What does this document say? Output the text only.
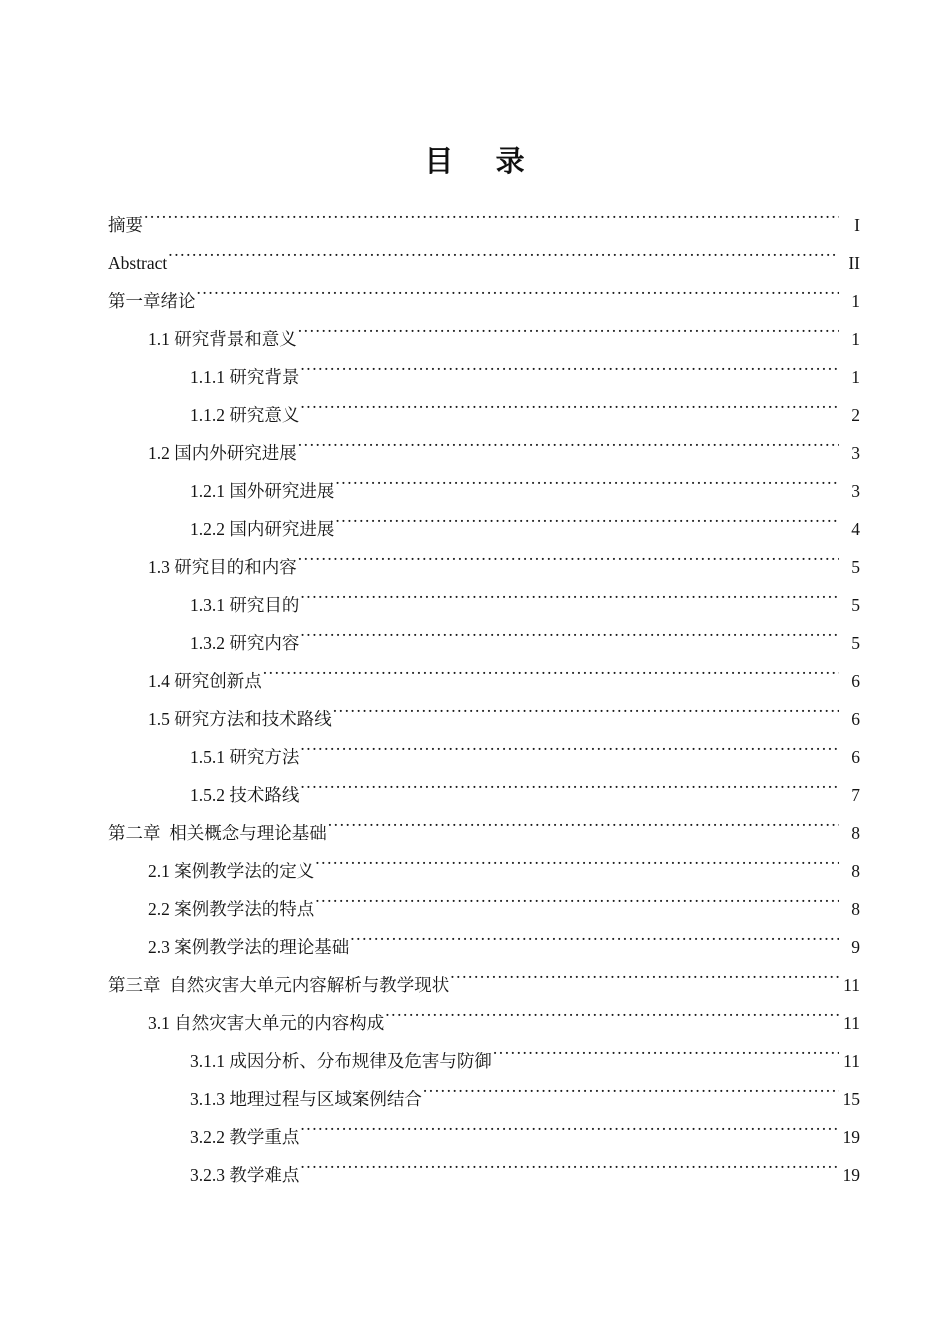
目     录
摘要 .....	I
Abstract .....	II
第一章绪论 .....	1
1.1 研究背景和意义 .....	1
1.1.1 研究背景 .....	1
1.1.2 研究意义 .....	2
1.2 国内外研究进展 .....	3
1.2.1 国外研究进展 .....	3
1.2.2 国内研究进展 .....	4
1.3 研究目的和内容 .....	5
1.3.1 研究目的 .....	5
1.3.2 研究内容 .....	5
1.4 研究创新点 .....	6
1.5 研究方法和技术路线 .....	6
1.5.1 研究方法 .....	6
1.5.2 技术路线 .....	7
第二章  相关概念与理论基础 .....	8
2.1 案例教学法的定义 .....	8
2.2 案例教学法的特点 .....	8
2.3 案例教学法的理论基础 .....	9
第三章  自然灾害大单元内容解析与教学现状 .....	11
3.1 自然灾害大单元的内容构成 .....	11
3.1.1 成因分析、分布规律及危害与防御 .....	11
3.1.3 地理过程与区域案例结合 .....	15
3.2.2 教学重点 .....	19
3.2.3 教学难点 .....	19
